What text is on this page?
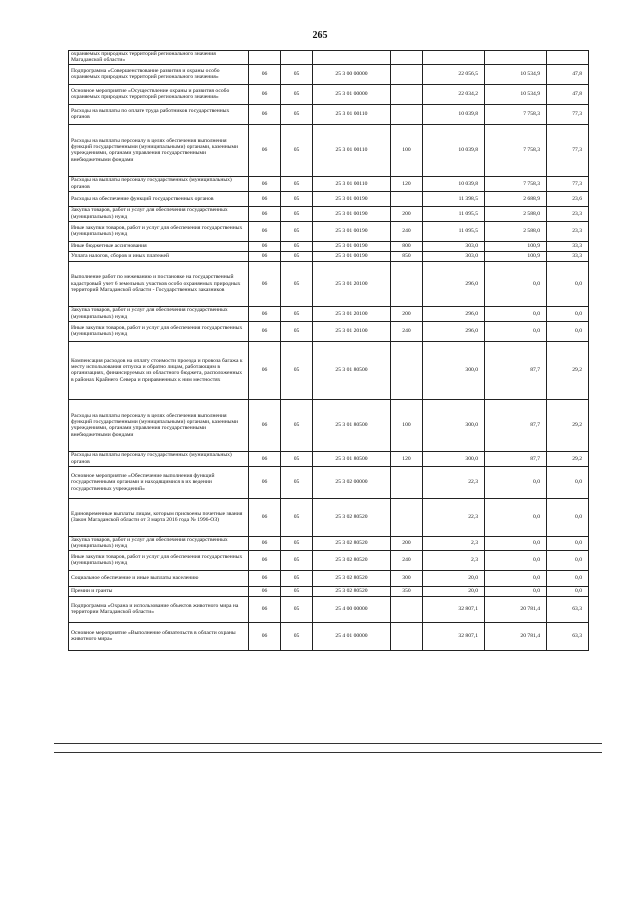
265
охраняемых природных территорий регионального значения Магаданской области»							
Подпрограмма «Совершенствование развития и охраны особо охраняемых природных территорий регионального значения»	06	05	25 3 00 00000		22 056,5	10 534,9	47,8
Основное мероприятие «Осуществление охраны и развития особо охраняемых природных территорий регионального значения»	06	05	25 3 01 00000		22 034,2	10 534,9	47,8
Расходы на выплаты по оплате труда работников государственных органов	06	05	25 3 01 00110		10 039,8	7 758,3	77,3
Расходы на выплаты персоналу в целях обеспечения выполнения функций государственными (муниципальными) органами, казенными учреждениями, органами управления государственными внебюджетными фондами	06	05	25 3 01 00110	100	10 039,8	7 758,3	77,3
Расходы на выплаты персоналу государственных (муниципальных) органов	06	05	25 3 01 00110	120	10 039,8	7 758,3	77,3
Расходы на обеспечение функций государственных органов	06	05	25 3 01 00190		11 398,5	2 688,9	23,6
Закупка товаров, работ и услуг для обеспечения государственных (муниципальных) нужд	06	05	25 3 01 00190	200	11 095,5	2 588,0	23,3
Иные закупки товаров, работ и услуг для обеспечения государственных (муниципальных) нужд	06	05	25 3 01 00190	240	11 095,5	2 588,0	23,3
Иные бюджетные ассигнования	06	05	25 3 01 00190	800	303,0	100,9	33,3
Уплата налогов, сборов и иных платежей	06	05	25 3 01 00190	850	303,0	100,9	33,3
Выполнение работ по межеванию и постановке на государственный кадастровый учет 6 земельных участков особо охраняемых природных территорий Магаданской области - Государственных заказников	06	05	25 3 01 20100		296,0	0,0	0,0
Закупка товаров, работ и услуг для обеспечения государственных (муниципальных) нужд	06	05	25 3 01 20100	200	296,0	0,0	0,0
Иные закупки товаров, работ и услуг для обеспечения государственных (муниципальных) нужд	06	05	25 3 01 20100	240	296,0	0,0	0,0
Компенсация расходов на оплату стоимости проезда и провоза багажа к месту использования отпуска и обратно лицам, работающим в организациях, финансируемых из областного бюджета, расположенных в районах Крайнего Севера и приравненных к ним местностях	06	05	25 3 01 80500		300,0	87,7	29,2
Расходы на выплаты персоналу в целях обеспечения выполнения функций государственными (муниципальными) органами, казенными учреждениями, органами управления государственными внебюджетными фондами	06	05	25 3 01 80500	100	300,0	87,7	29,2
Расходы на выплаты персоналу государственных (муниципальных) органов	06	05	25 3 01 80500	120	300,0	87,7	29,2
Основное мероприятие «Обеспечение выполнения функций государственными органами и находящимися в их ведении государственных учреждений»	06	05	25 3 02 00000		22,3	0,0	0,0
Единовременные выплаты лицам, которым присвоены почетные звания (Закон Магаданской области от 3 марта 2016 года № 1996-ОЗ)	06	05	25 3 02 80520		22,3	0,0	0,0
Закупка товаров, работ и услуг для обеспечения государственных (муниципальных) нужд	06	05	25 3 02 80520	200	2,3	0,0	0,0
Иные закупки товаров, работ и услуг для обеспечения государственных (муниципальных) нужд	06	05	25 3 02 80520	240	2,3	0,0	0,0
Социальное обеспечение и иные выплаты населению	06	05	25 3 02 80520	300	20,0	0,0	0,0
Премии и гранты	06	05	25 3 02 80520	350	20,0	0,0	0,0
Подпрограмма «Охрана и использование объектов животного мира на территории Магаданской области»	06	05	25 4 00 00000		32 807,1	20 781,4	63,3
Основное мероприятие «Выполнение обязательств в области охраны животного мира»	06	05	25 4 01 00000		32 807,1	20 781,4	63,3
